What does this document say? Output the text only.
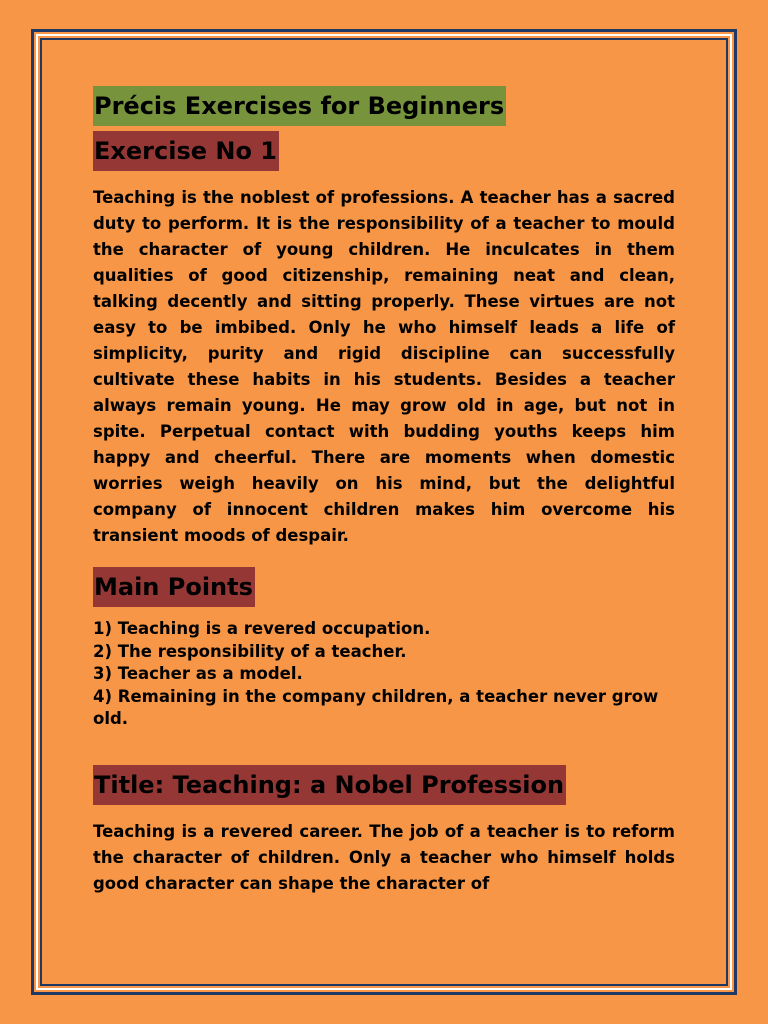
Précis Exercises for Beginners
Exercise No 1

Teaching is the noblest of professions. A teacher has a sacred duty to perform. It is the responsibility of a teacher to mould the character of young children. He inculcates in them qualities of good citizenship, remaining neat and clean, talking decently and sitting properly. These virtues are not easy to be imbibed. Only he who himself leads a life of simplicity, purity and rigid discipline can successfully cultivate these habits in his students. Besides a teacher always remain young. He may grow old in age, but not in spite. Perpetual contact with budding youths keeps him happy and cheerful. There are moments when domestic worries weigh heavily on his mind, but the delightful company of innocent children makes him overcome his transient moods of despair.

Main Points
1) Teaching is a revered occupation.
2) The responsibility of a teacher.
3) Teacher as a model.
4) Remaining in the company children, a teacher never grow old.
Title: Teaching: a Nobel Profession

Teaching is a revered career. The job of a teacher is to reform the character of children. Only a teacher who himself holds good character can shape the character of
